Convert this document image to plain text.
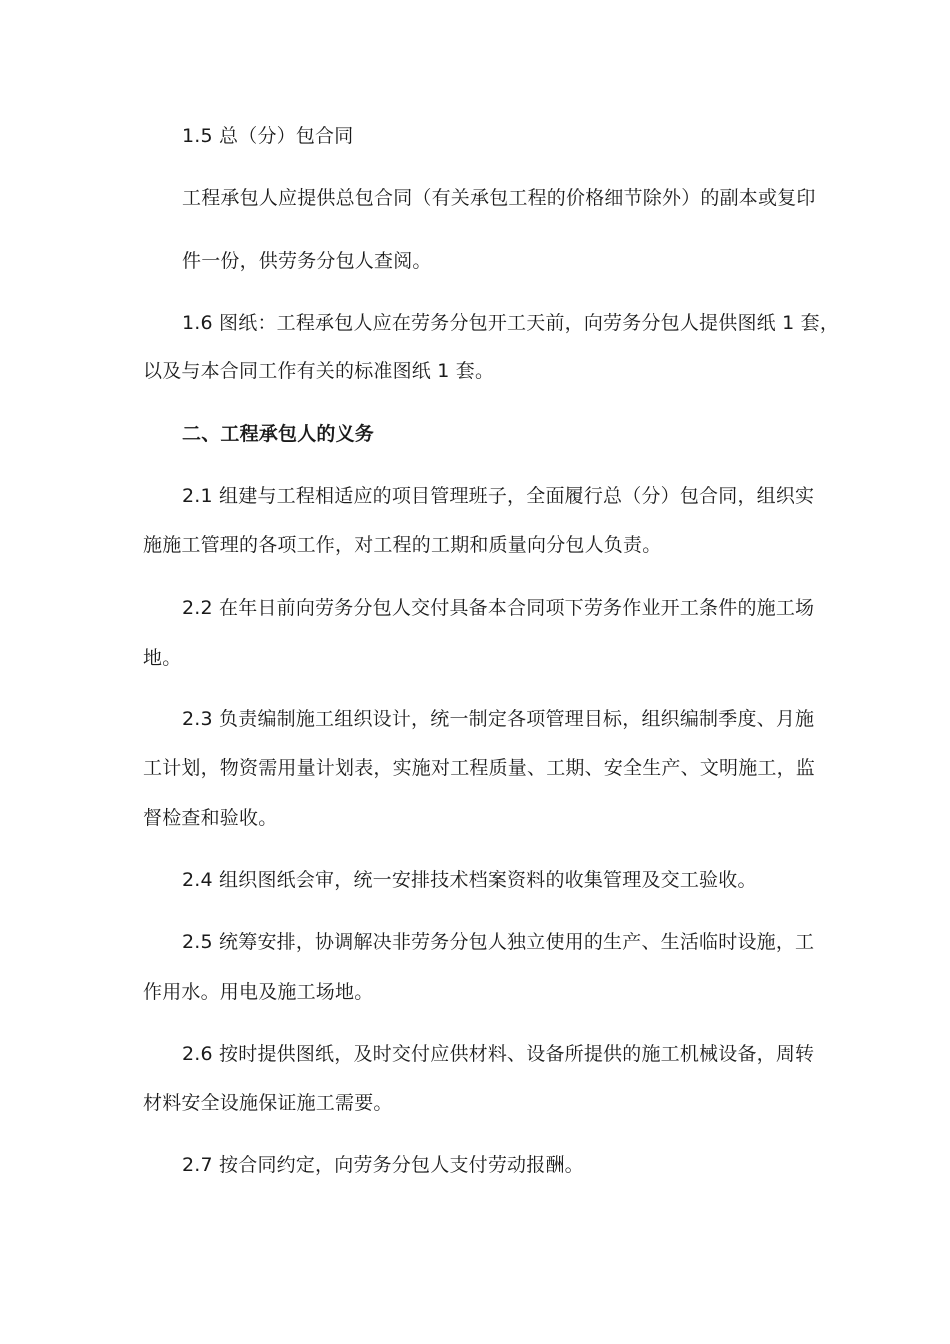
1.5 总（分）包合同
工程承包人应提供总包合同（有关承包工程的价格细节除外）的副本或复印
件一份，供劳务分包人查阅。
1.6 图纸：工程承包人应在劳务分包开工天前，向劳务分包人提供图纸 1 套，
以及与本合同工作有关的标准图纸 1 套。
二、工程承包人的义务
2.1 组建与工程相适应的项目管理班子，全面履行总（分）包合同，组织实
施施工管理的各项工作，对工程的工期和质量向分包人负责。
2.2 在年日前向劳务分包人交付具备本合同项下劳务作业开工条件的施工场
地。
2.3 负责编制施工组织设计，统一制定各项管理目标，组织编制季度、月施
工计划，物资需用量计划表，实施对工程质量、工期、安全生产、文明施工，监
督检查和验收。
2.4 组织图纸会审，统一安排技术档案资料的收集管理及交工验收。
2.5 统筹安排，协调解决非劳务分包人独立使用的生产、生活临时设施，工
作用水。用电及施工场地。
2.6 按时提供图纸，及时交付应供材料、设备所提供的施工机械设备，周转
材料安全设施保证施工需要。
2.7 按合同约定，向劳务分包人支付劳动报酬。
